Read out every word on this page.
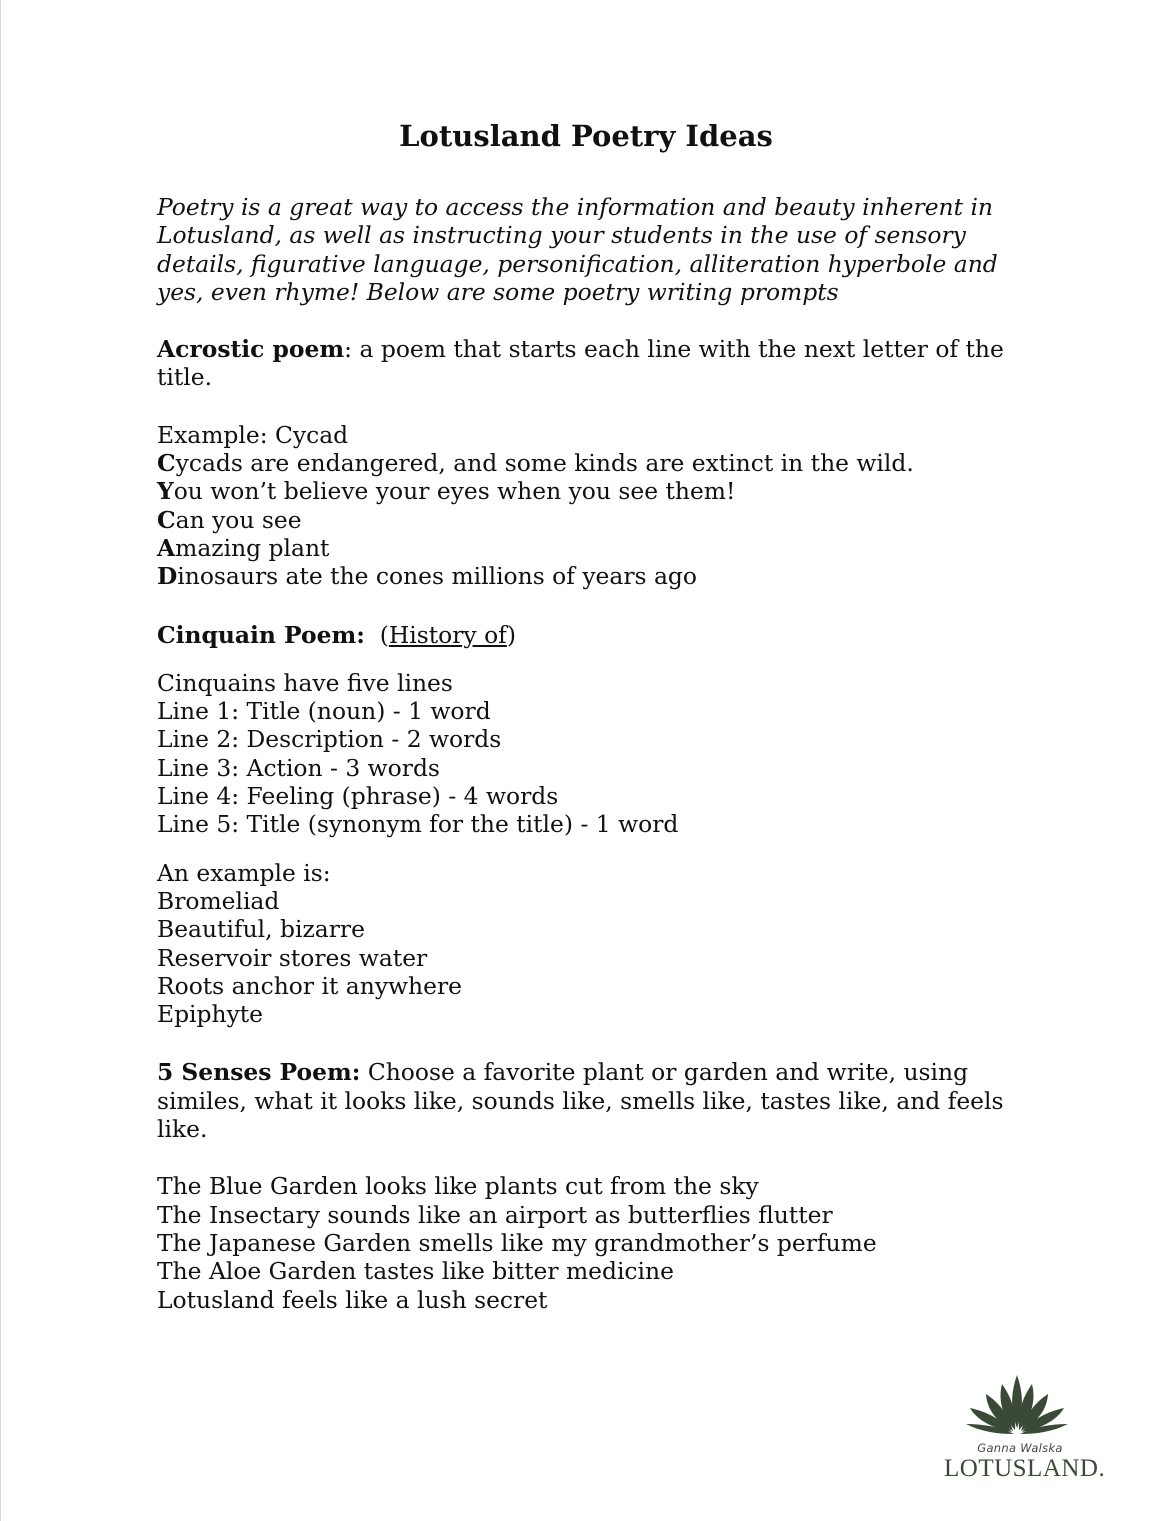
Lotusland Poetry Ideas

Poetry is a great way to access the information and beauty inherent in Lotusland, as well as instructing your students in the use of sensory details, figurative language, personification, alliteration hyperbole and yes, even rhyme! Below are some poetry writing prompts

Acrostic poem: a poem that starts each line with the next letter of the title.

Example: Cycad
Cycads are endangered, and some kinds are extinct in the wild.
You won’t believe your eyes when you see them!
Can you see
Amazing plant
Dinosaurs ate the cones millions of years ago

Cinquain Poem:  (History of)

Cinquains have five lines
Line 1: Title (noun) - 1 word
Line 2: Description - 2 words
Line 3: Action - 3 words
Line 4: Feeling (phrase) - 4 words
Line 5: Title (synonym for the title) - 1 word
An example is:
Bromeliad
Beautiful, bizarre
Reservoir stores water
Roots anchor it anywhere
Epiphyte

5 Senses Poem: Choose a favorite plant or garden and write, using similes, what it looks like, sounds like, smells like, tastes like, and feels like.

The Blue Garden looks like plants cut from the sky
The Insectary sounds like an airport as butterflies flutter
The Japanese Garden smells like my grandmother’s perfume
The Aloe Garden tastes like bitter medicine
Lotusland feels like a lush secret
Ganna Walska
LOTUSLAND.
